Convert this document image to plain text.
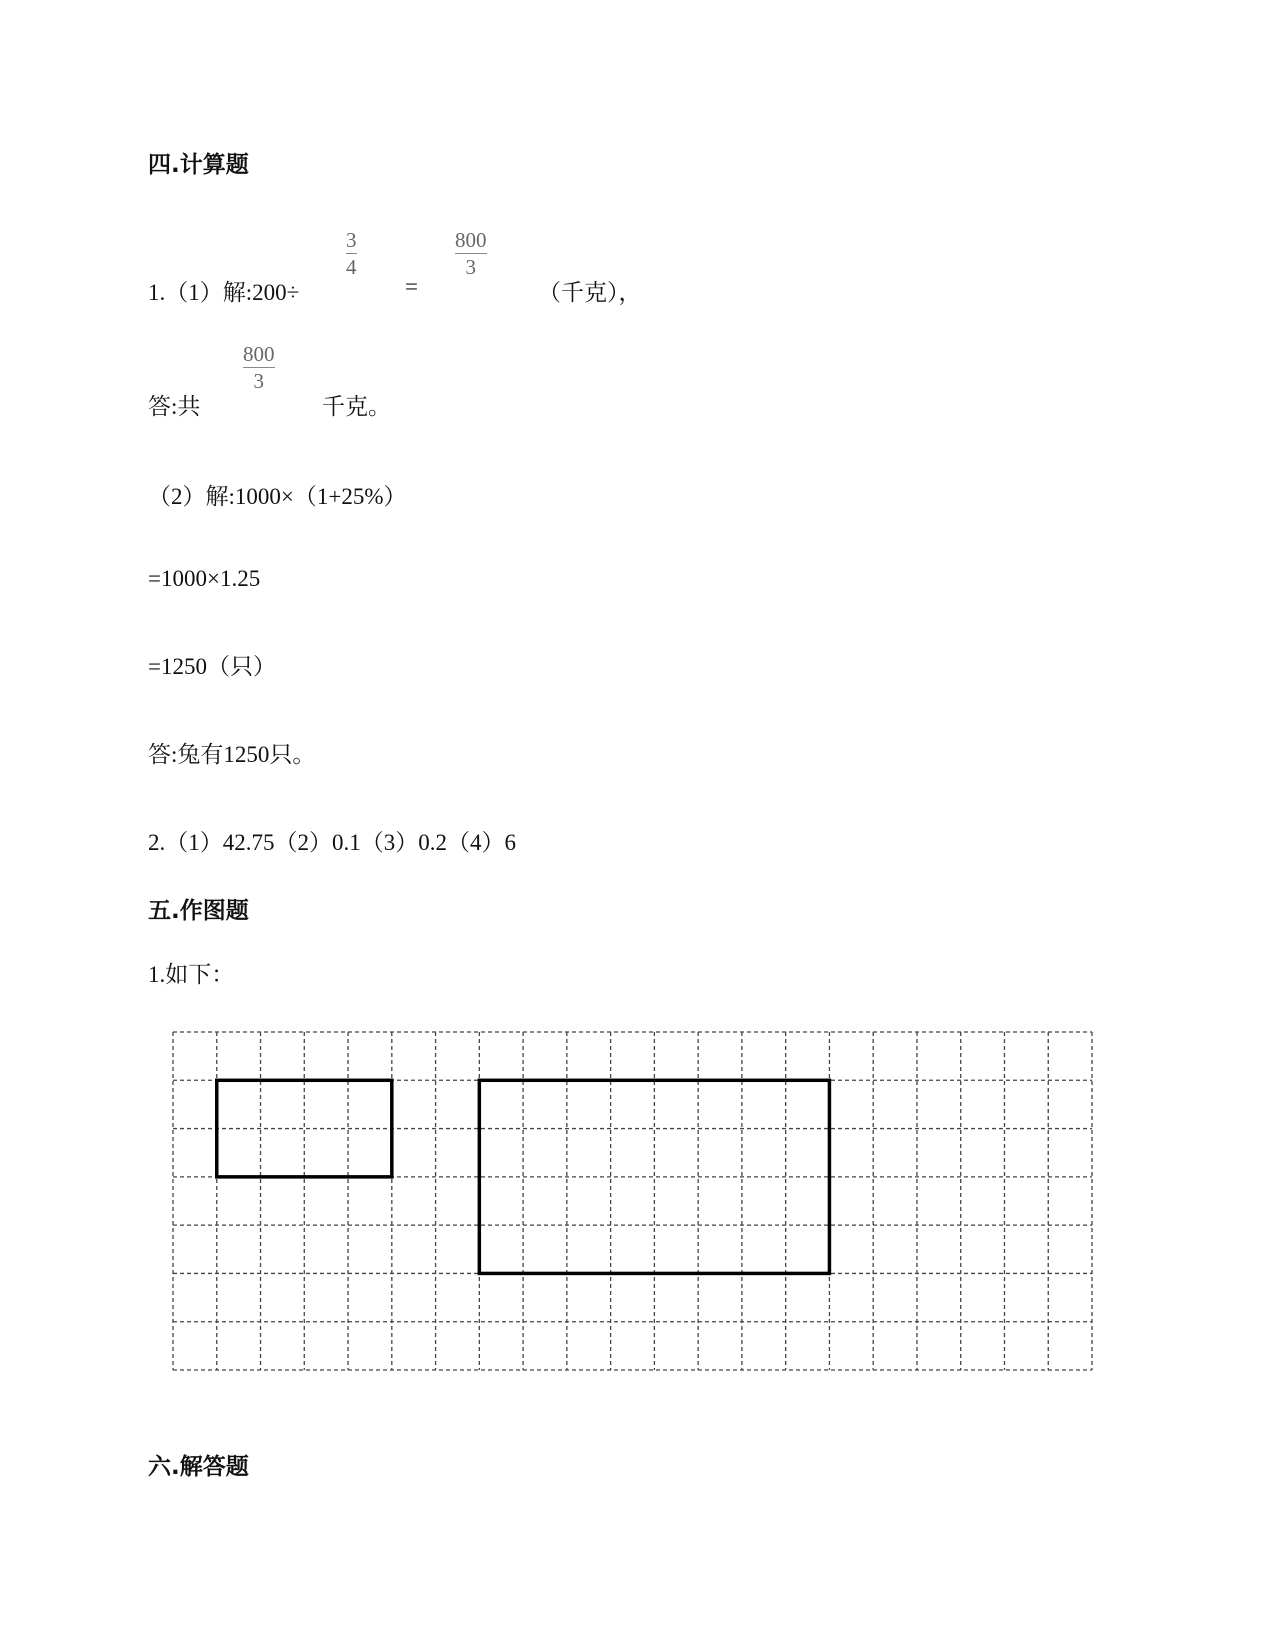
四.计算题
1.（1）解:200÷
3
4
=
800
3
（千克），
答:共
800
3
千克。
（2）解:1000×（1+25%）
=1000×1.25
=1250（只）
答:兔有1250只。
2.（1）42.75（2）0.1（3）0.2（4）6
五.作图题
1.如下：
六.解答题
